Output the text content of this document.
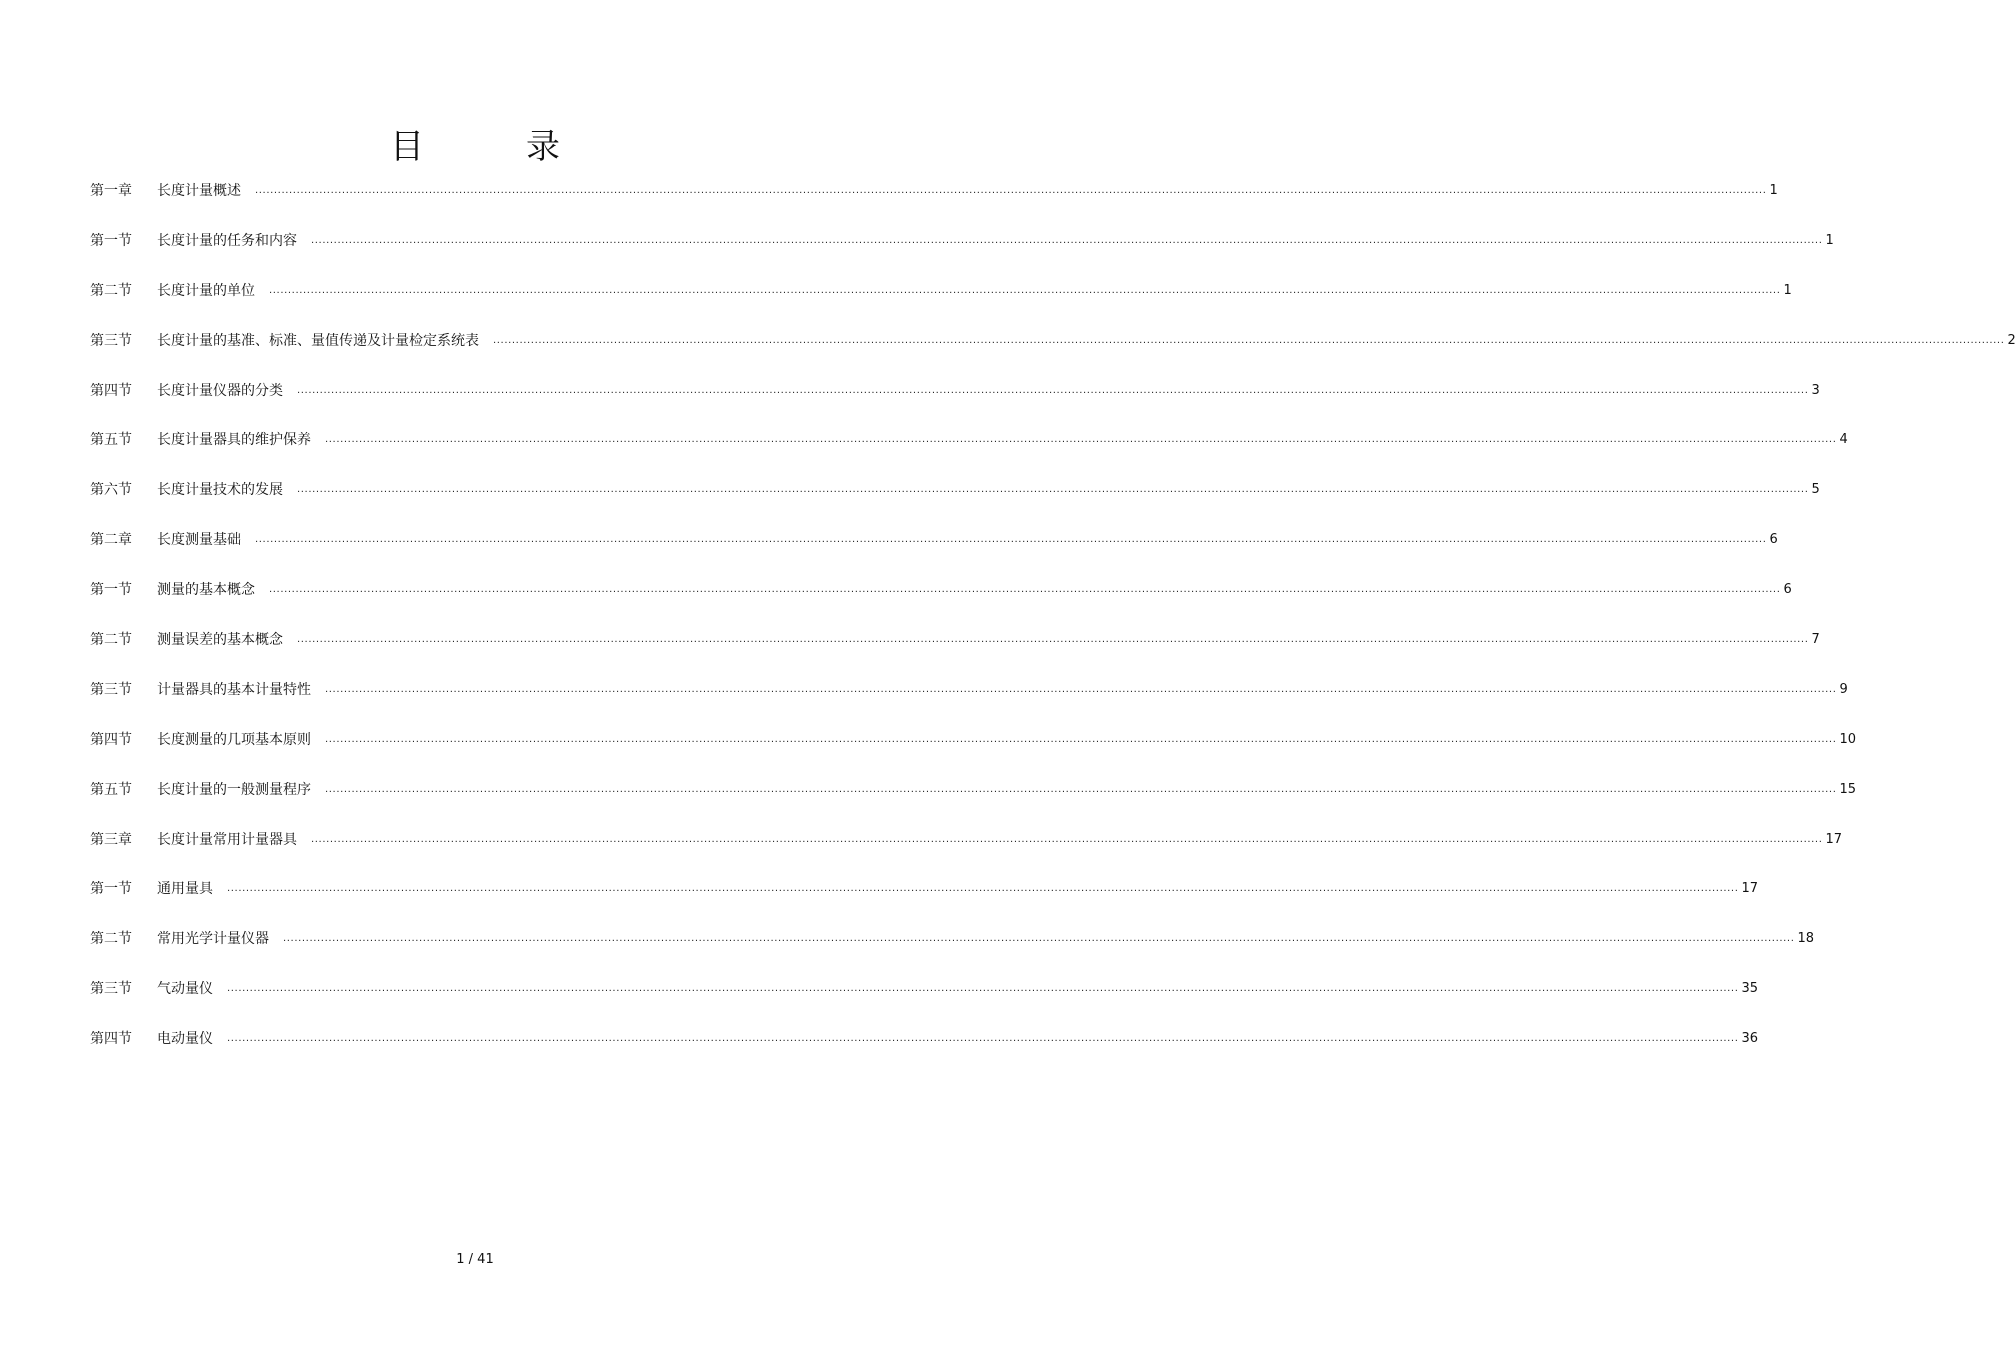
目	录
第一章	长度计量概述 ................................................................................................................................................................................................................................................................................................................................................................................................................ 1
第一节	长度计量的任务和内容 ................................................................................................................................................................................................................................................................................................................................................................................................................ 1
第二节	长度计量的单位 ................................................................................................................................................................................................................................................................................................................................................................................................................ 1
第三节	长度计量的基准、标准、量值传递及计量检定系统表 ................................................................................................................................................................................................................................................................................................................................................................................................................ 2
第四节	长度计量仪器的分类 ................................................................................................................................................................................................................................................................................................................................................................................................................ 3
第五节	长度计量器具的维护保养 ................................................................................................................................................................................................................................................................................................................................................................................................................ 4
第六节	长度计量技术的发展 ................................................................................................................................................................................................................................................................................................................................................................................................................ 5
第二章	长度测量基础 ................................................................................................................................................................................................................................................................................................................................................................................................................ 6
第一节	测量的基本概念 ................................................................................................................................................................................................................................................................................................................................................................................................................ 6
第二节	测量误差的基本概念 ................................................................................................................................................................................................................................................................................................................................................................................................................ 7
第三节	计量器具的基本计量特性 ................................................................................................................................................................................................................................................................................................................................................................................................................ 9
第四节	长度测量的几项基本原则 ................................................................................................................................................................................................................................................................................................................................................................................................................ 10
第五节	长度计量的一般测量程序 ................................................................................................................................................................................................................................................................................................................................................................................................................ 15
第三章	长度计量常用计量器具 ................................................................................................................................................................................................................................................................................................................................................................................................................ 17
第一节	通用量具 ................................................................................................................................................................................................................................................................................................................................................................................................................ 17
第二节	常用光学计量仪器 ................................................................................................................................................................................................................................................................................................................................................................................................................ 18
第三节	气动量仪 ................................................................................................................................................................................................................................................................................................................................................................................................................ 35
第四节	电动量仪 ................................................................................................................................................................................................................................................................................................................................................................................................................ 36
1 / 41
